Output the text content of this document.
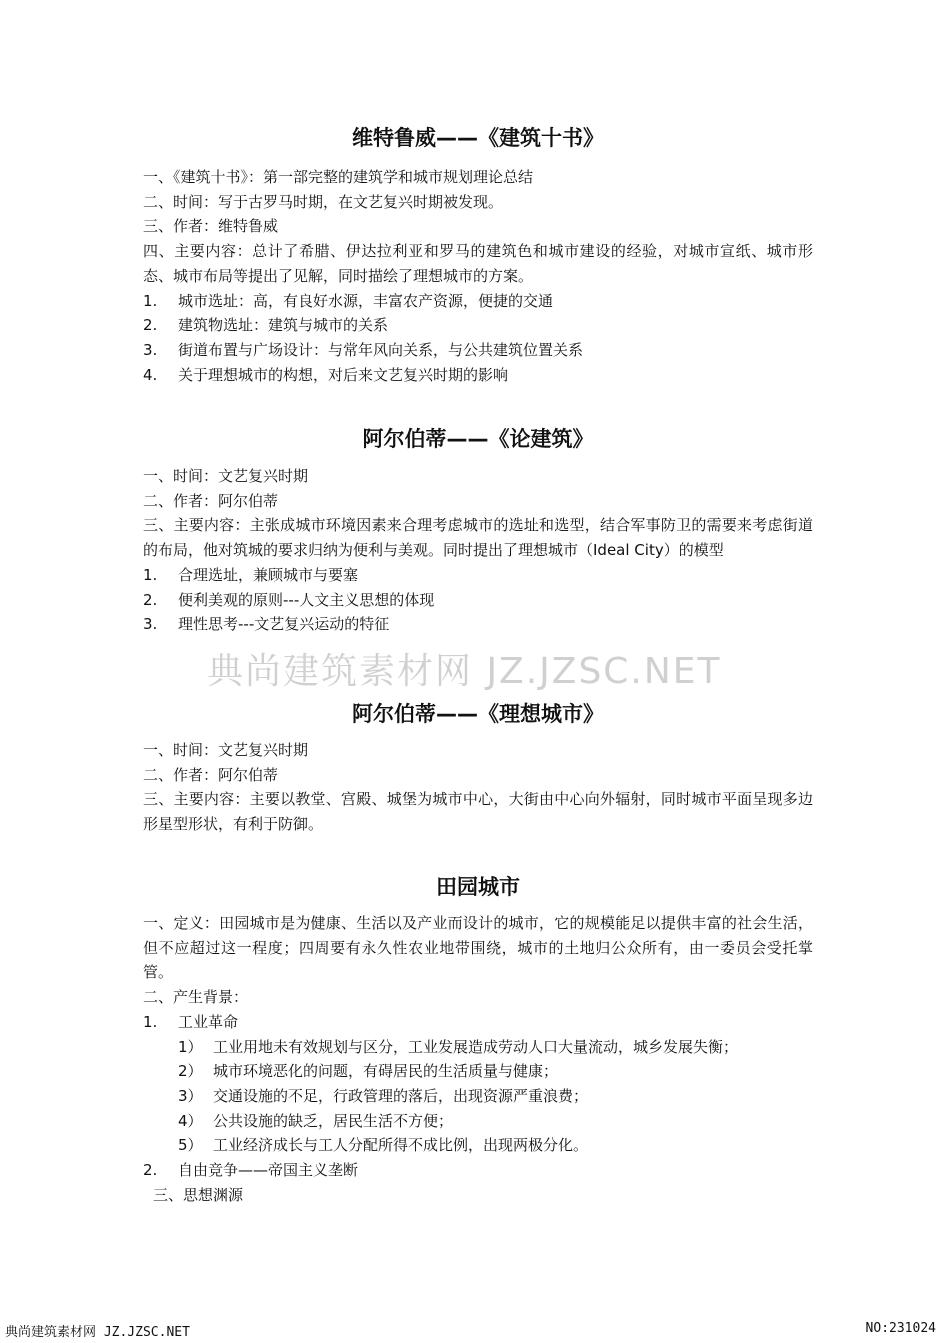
维特鲁威——《建筑十书》

一、《建筑十书》：第一部完整的建筑学和城市规划理论总结

二、时间：写于古罗马时期，在文艺复兴时期被发现。

三、作者：维特鲁威

四、主要内容：总计了希腊、伊达拉利亚和罗马的建筑色和城市建设的经验，对城市宣纸、城市形态、城市布局等提出了见解，同时描绘了理想城市的方案。

1. 城市选址：高，有良好水源，丰富农产资源，便捷的交通

2. 建筑物选址：建筑与城市的关系

3. 街道布置与广场设计：与常年风向关系，与公共建筑位置关系

4. 关于理想城市的构想，对后来文艺复兴时期的影响

阿尔伯蒂——《论建筑》

一、时间：文艺复兴时期

二、作者：阿尔伯蒂

三、主要内容：主张成城市环境因素来合理考虑城市的选址和选型，结合军事防卫的需要来考虑街道的布局，他对筑城的要求归纳为便利与美观。同时提出了理想城市（Ideal City）的模型

1. 合理选址，兼顾城市与要塞

2. 便利美观的原则---人文主义思想的体现

3. 理性思考---文艺复兴运动的特征

典尚建筑素材网 JZ.JZSC.NET
阿尔伯蒂——《理想城市》

一、时间：文艺复兴时期

二、作者：阿尔伯蒂

三、主要内容：主要以教堂、宫殿、城堡为城市中心，大街由中心向外辐射，同时城市平面呈现多边形星型形状，有利于防御。

田园城市

一、定义：田园城市是为健康、生活以及产业而设计的城市，它的规模能足以提供丰富的社会生活，但不应超过这一程度；四周要有永久性农业地带围绕，城市的土地归公众所有，由一委员会受托掌管。

二、产生背景：

1. 工业革命

1） 工业用地未有效规划与区分，工业发展造成劳动人口大量流动，城乡发展失衡；

2） 城市环境恶化的问题，有碍居民的生活质量与健康；

3） 交通设施的不足，行政管理的落后，出现资源严重浪费；

4） 公共设施的缺乏，居民生活不方便；

5） 工业经济成长与工人分配所得不成比例，出现两极分化。

2. 自由竞争——帝国主义垄断

三、思想渊源

典尚建筑素材网 JZ.JZSC.NET	NO:231024
